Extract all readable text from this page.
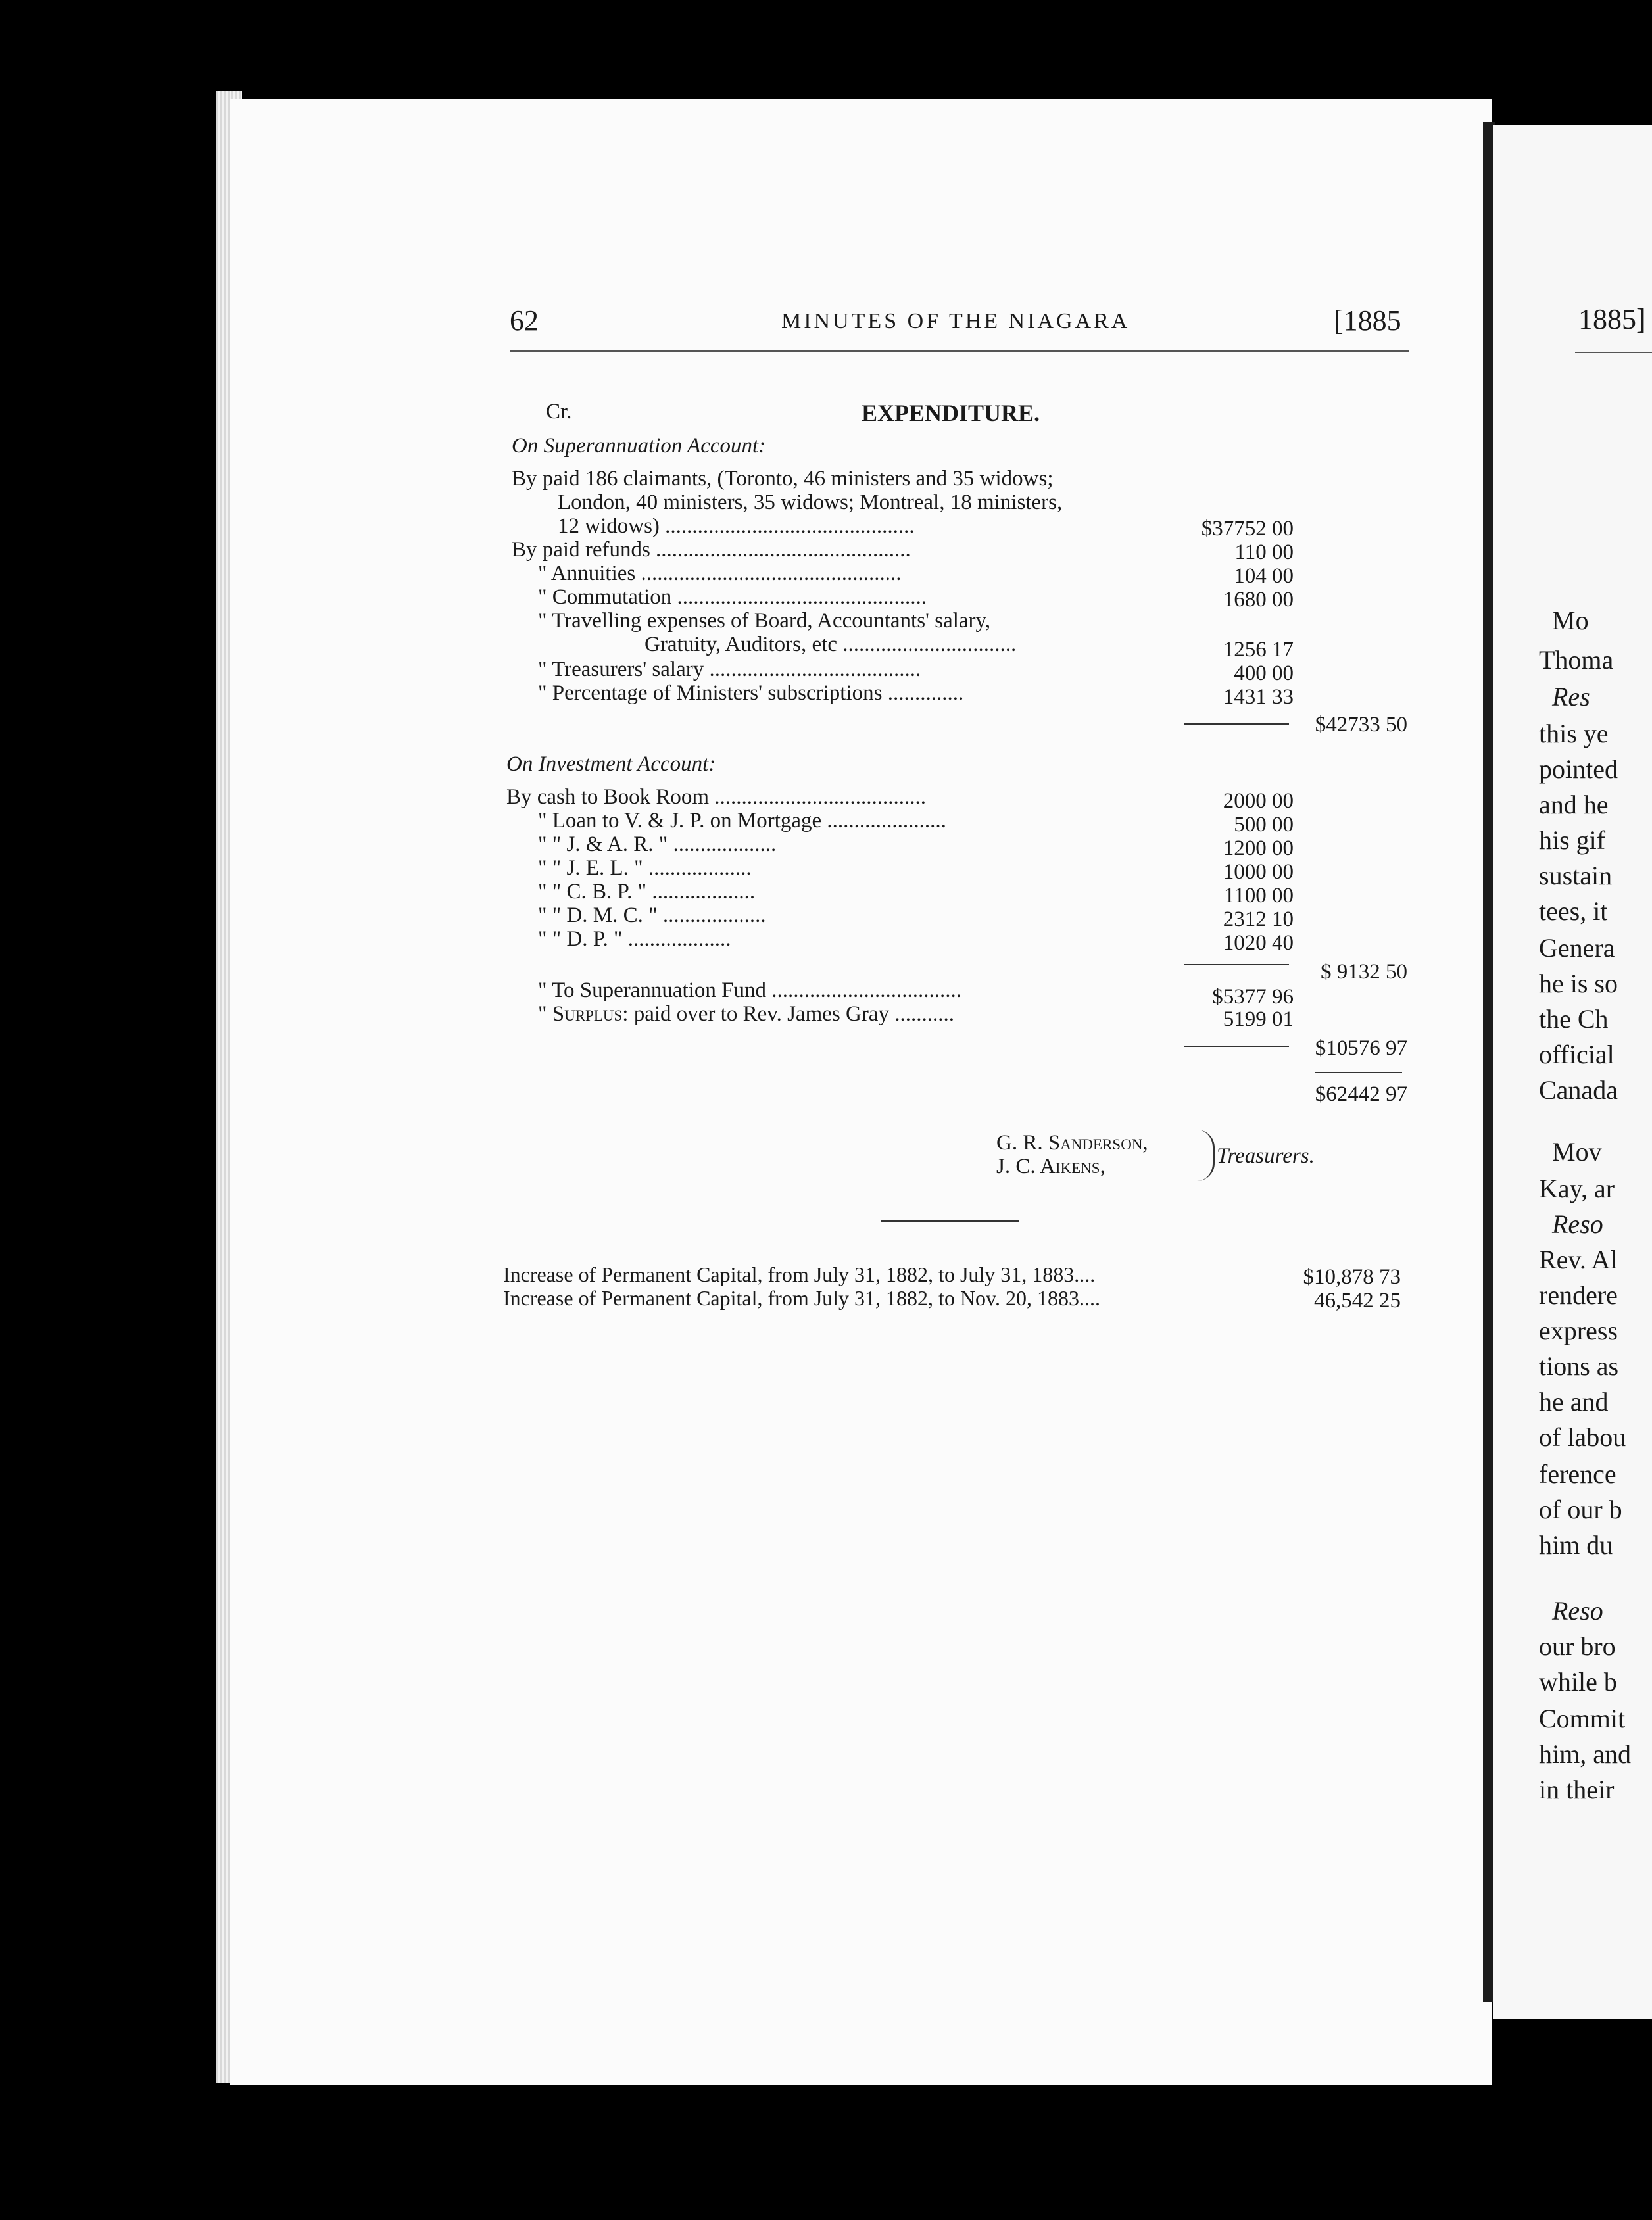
62	MINUTES OF THE NIAGARA	[1885
Cr.	EXPENDITURE.
On Superannuation Account:
By paid 186 claimants, (Toronto, 46 ministers and 35 widows;
London, 40 ministers, 35 widows; Montreal, 18 ministers,
12 widows) ..............................................	$37752 00
By paid refunds ...............................................	110 00
" Annuities ................................................	104 00
" Commutation ..............................................	1680 00
" Travelling expenses of Board, Accountants' salary,
Gratuity, Auditors, etc ................................	1256 17
" Treasurers' salary .......................................	400 00
" Percentage of Ministers' subscriptions ..............	1431 33
$42733 50
On Investment Account:
By cash to Book Room .......................................	2000 00
" Loan to V. & J. P. on Mortgage ......................	500 00
" " J. & A. R. " ...................	1200 00
" " J. E. L. " ...................	1000 00
" " C. B. P. " ...................	1100 00
" " D. M. C. " ...................	2312 10
" " D. P. " ...................	1020 40
$ 9132 50
" To Superannuation Fund ...................................	$5377 96
" Surplus: paid over to Rev. James Gray ...........	5199 01
$10576 97
$62442 97
G. R. Sanderson,
J. C. Aikens,	Treasurers.
Increase of Permanent Capital, from July 31, 1882, to July 31, 1883....	$10,878 73
Increase of Permanent Capital, from July 31, 1882, to Nov. 20, 1883....	46,542 25
1885]
Mo
Thoma
Res
this ye
pointed
and he
his gif
sustain
tees, it
Genera
he is so
the Ch
official
Canada
Mov
Kay, ar
Reso
Rev. Al
rendere
express
tions as
he and
of labou
ference
of our b
him du
Reso
our bro
while b
Commit
him, and
in their
